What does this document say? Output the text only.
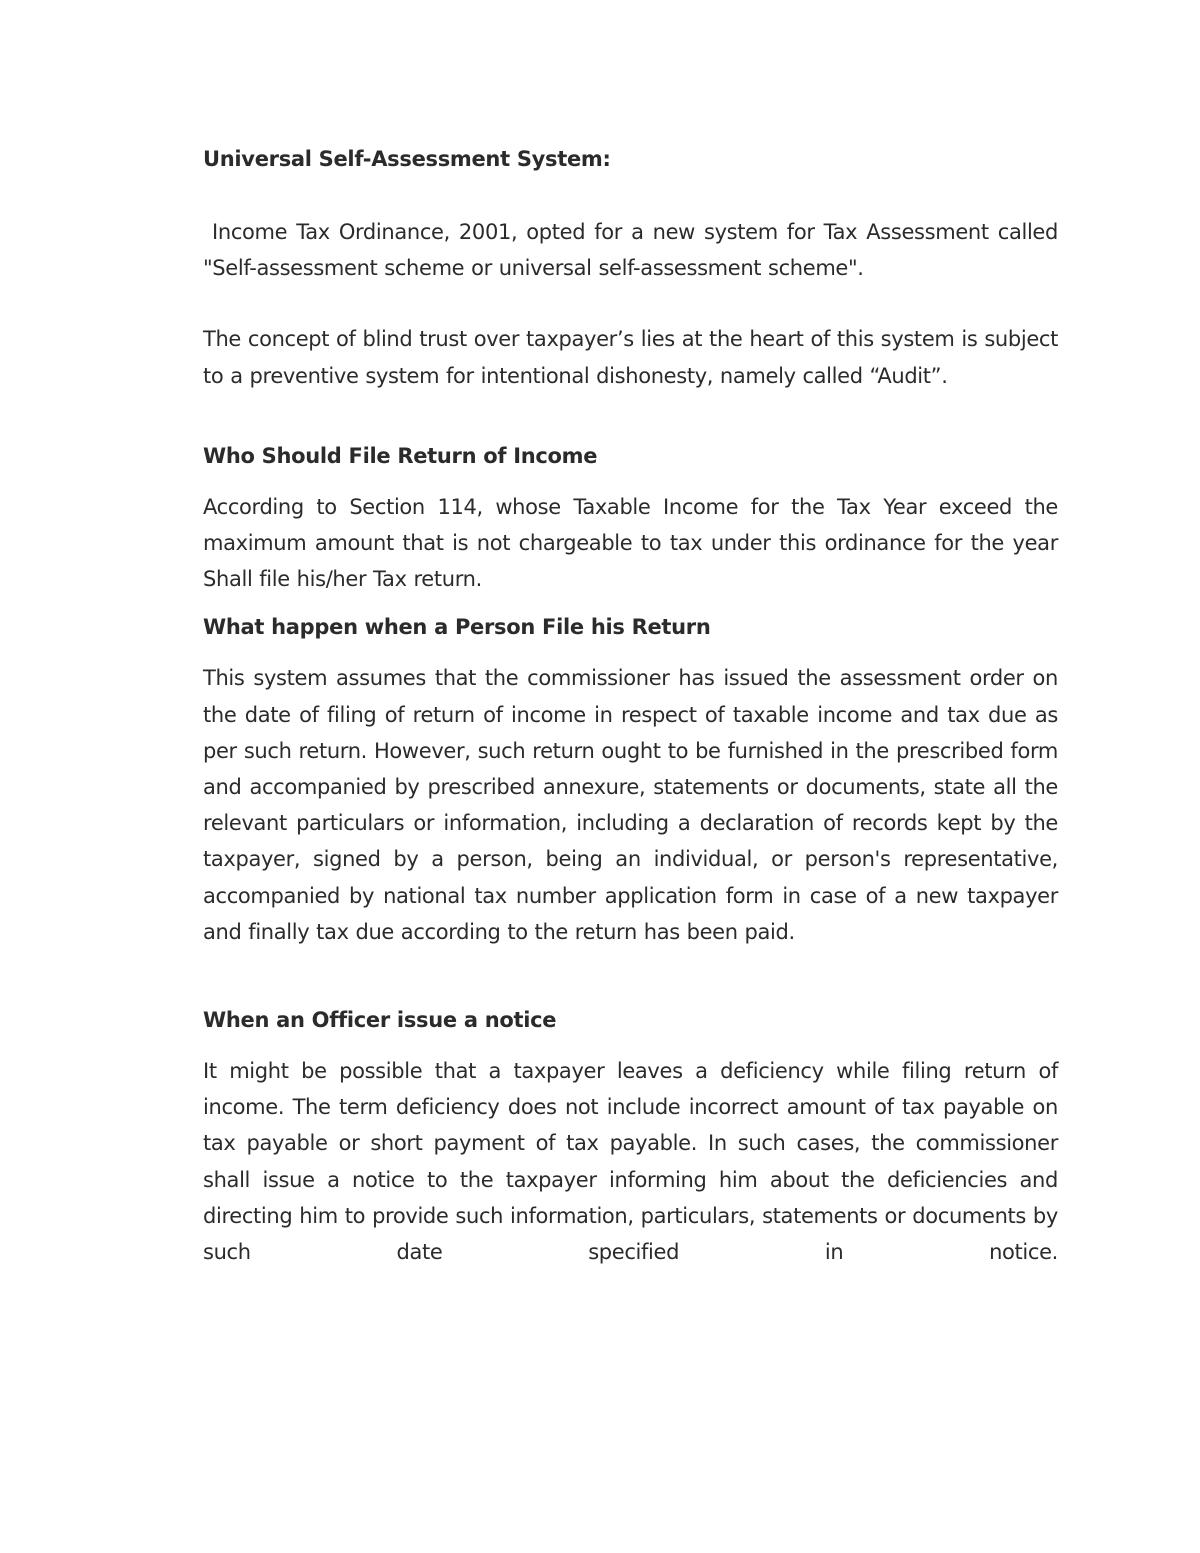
Universal Self-Assessment System:

Income Tax Ordinance, 2001, opted for a new system for Tax Assessment called "Self-assessment scheme or universal self-assessment scheme".

The concept of blind trust over taxpayer’s lies at the heart of this system is subject to a preventive system for intentional dishonesty, namely called “Audit”.

Who Should File Return of Income

According to Section 114, whose Taxable Income for the Tax Year exceed the maximum amount that is not chargeable to tax under this ordinance for the year Shall file his/her Tax return.

What happen when a Person File his Return

This system assumes that the commissioner has issued the assessment order on the date of filing of return of income in respect of taxable income and tax due as per such return. However, such return ought to be furnished in the prescribed form and accompanied by prescribed annexure, statements or documents, state all the relevant particulars or information, including a declaration of records kept by the taxpayer, signed by a person, being an individual, or person's representative, accompanied by national tax number application form in case of a new taxpayer and finally tax due according to the return has been paid.

When an Officer issue a notice

It might be possible that a taxpayer leaves a deficiency while filing return of income. The term deficiency does not include incorrect amount of tax payable on tax payable or short payment of tax payable. In such cases, the commissioner shall issue a notice to the taxpayer informing him about the deficiencies and directing him to provide such information, particulars, statements or documents by such date specified in notice.
